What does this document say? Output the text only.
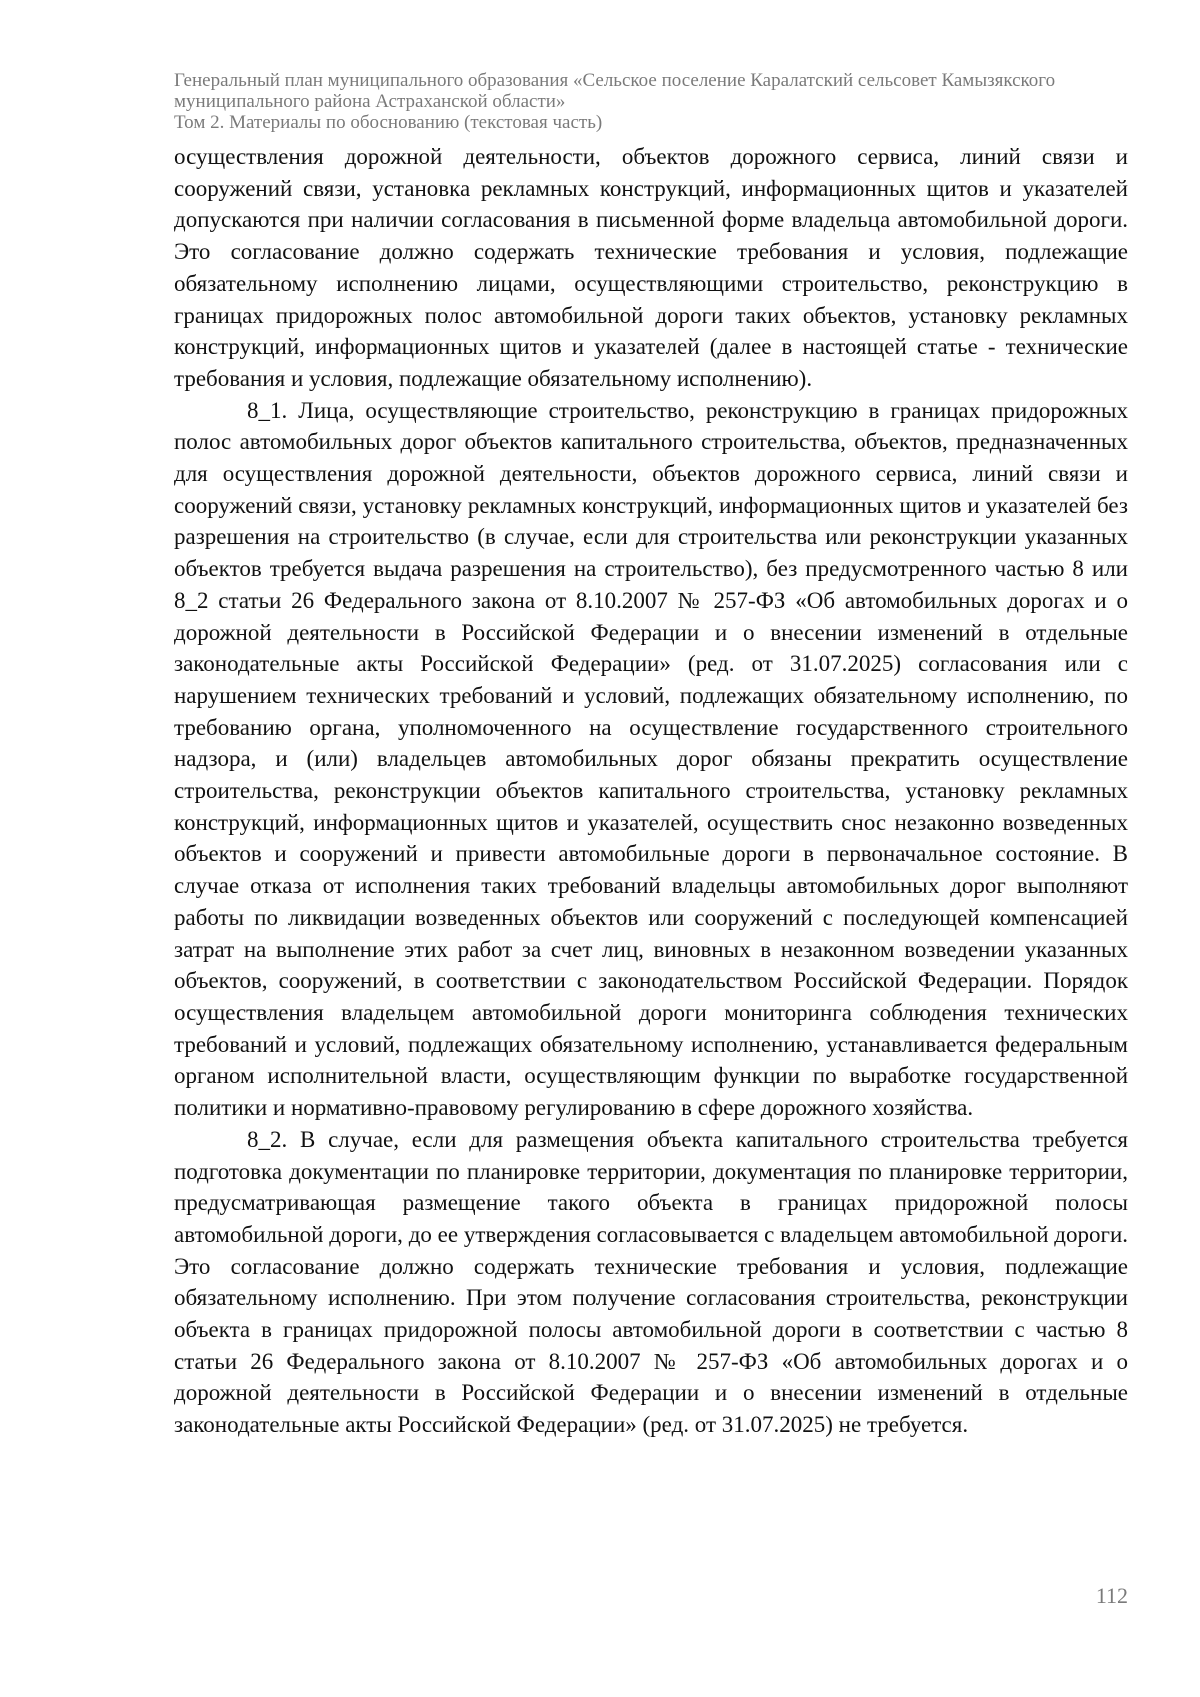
Генеральный план муниципального образования «Сельское поселение Каралатский сельсовет Камызякского муниципального района Астраханской области»
Том 2. Материалы по обоснованию (текстовая часть)

осуществления дорожной деятельности, объектов дорожного сервиса, линий связи и сооружений связи, установка рекламных конструкций, информационных щитов и указателей допускаются при наличии согласования в письменной форме владельца автомобильной дороги. Это согласование должно содержать технические требования и условия, подлежащие обязательному исполнению лицами, осуществляющими строительство, реконструкцию в границах придорожных полос автомобильной дороги таких объектов, установку рекламных конструкций, информационных щитов и указателей (далее в настоящей статье - технические требования и условия, подлежащие обязательному исполнению).

8_1. Лица, осуществляющие строительство, реконструкцию в границах придорожных полос автомобильных дорог объектов капитального строительства, объектов, предназначенных для осуществления дорожной деятельности, объектов дорожного сервиса, линий связи и сооружений связи, установку рекламных конструкций, информационных щитов и указателей без разрешения на строительство (в случае, если для строительства или реконструкции указанных объектов требуется выдача разрешения на строительство), без предусмотренного частью 8 или 8_2 статьи 26 Федерального закона от 8.10.2007 № 257-ФЗ «Об автомобильных дорогах и о дорожной деятельности в Российской Федерации и о внесении изменений в отдельные законодательные акты Российской Федерации» (ред. от 31.07.2025) согласования или с нарушением технических требований и условий, подлежащих обязательному исполнению, по требованию органа, уполномоченного на осуществление государственного строительного надзора, и (или) владельцев автомобильных дорог обязаны прекратить осуществление строительства, реконструкции объектов капитального строительства, установку рекламных конструкций, информационных щитов и указателей, осуществить снос незаконно возведенных объектов и сооружений и привести автомобильные дороги в первоначальное состояние. В случае отказа от исполнения таких требований владельцы автомобильных дорог выполняют работы по ликвидации возведенных объектов или сооружений с последующей компенсацией затрат на выполнение этих работ за счет лиц, виновных в незаконном возведении указанных объектов, сооружений, в соответствии с законодательством Российской Федерации. Порядок осуществления владельцем автомобильной дороги мониторинга соблюдения технических требований и условий, подлежащих обязательному исполнению, устанавливается федеральным органом исполнительной власти, осуществляющим функции по выработке государственной политики и нормативно-правовому регулированию в сфере дорожного хозяйства.

8_2. В случае, если для размещения объекта капитального строительства требуется подготовка документации по планировке территории, документация по планировке территории, предусматривающая размещение такого объекта в границах придорожной полосы автомобильной дороги, до ее утверждения согласовывается с владельцем автомобильной дороги. Это согласование должно содержать технические требования и условия, подлежащие обязательному исполнению. При этом получение согласования строительства, реконструкции объекта в границах придорожной полосы автомобильной дороги в соответствии с частью 8 статьи 26 Федерального закона от 8.10.2007 № 257-ФЗ «Об автомобильных дорогах и о дорожной деятельности в Российской Федерации и о внесении изменений в отдельные законодательные акты Российской Федерации» (ред. от 31.07.2025) не требуется.

112
